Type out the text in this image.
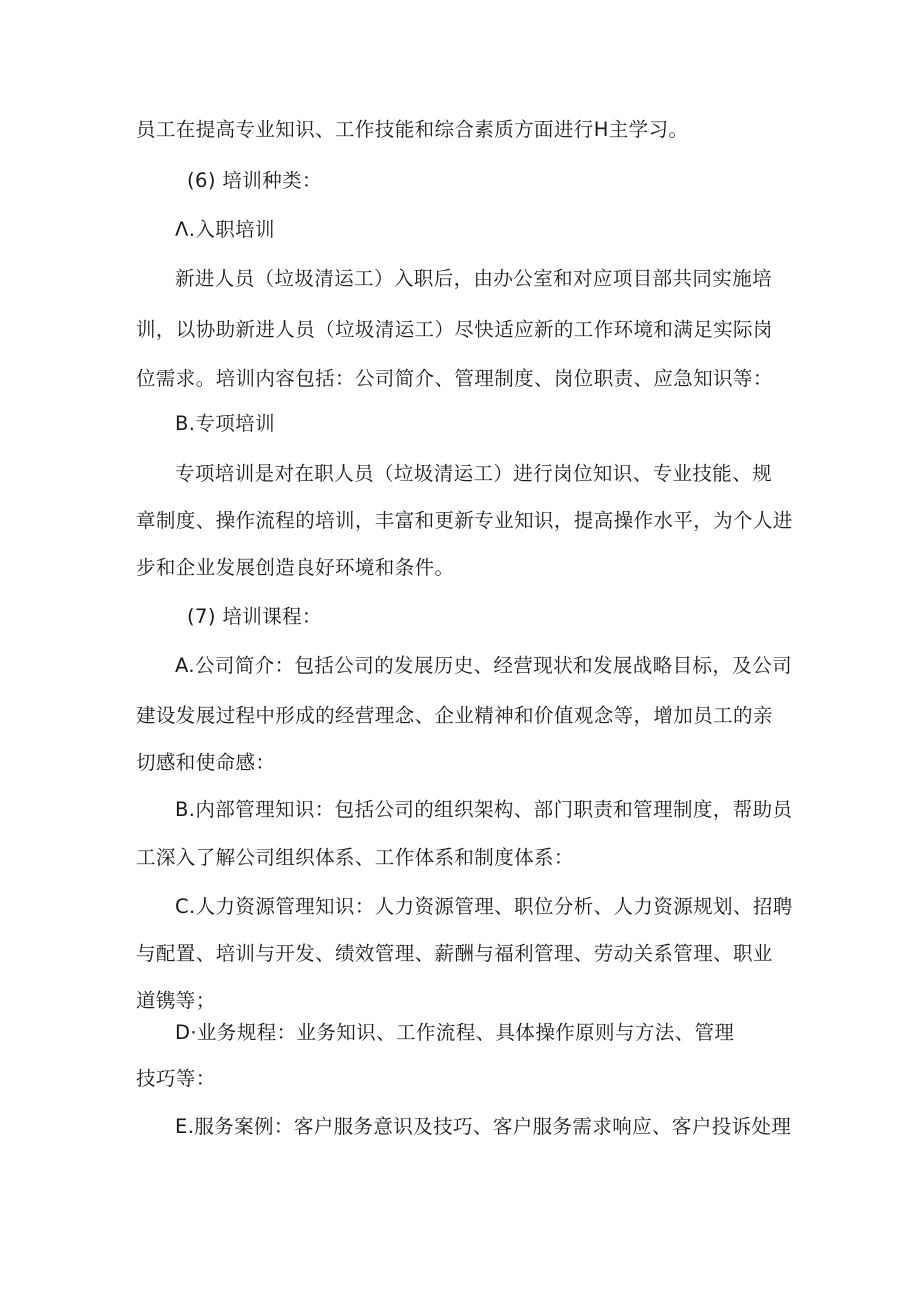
员工在提高专业知识、工作技能和综合素质方面进行H主学习。
(6) 培训种类：
Λ.入职培训
新进人员（垃圾清运工）入职后，由办公室和对应项目部共同实施培
训，以协助新进人员（垃圾清运工）尽快适应新的工作环境和满足实际岗
位需求。培训内容包括：公司简介、管理制度、岗位职责、应急知识等：
B.专项培训
专项培训是对在职人员（垃圾清运工）进行岗位知识、专业技能、规
章制度、操作流程的培训，丰富和更新专业知识，提高操作水平，为个人进
步和企业发展创造良好环境和条件。
(7) 培训课程：
A.公司简介：包括公司的发展历史、经营现状和发展战略目标，及公司
建设发展过程中形成的经营理念、企业精神和价值观念等，增加员工的亲
切感和使命感：
B.内部管理知识：包括公司的组织架构、部门职责和管理制度，帮助员
工深入了解公司组织体系、工作体系和制度体系：
C.人力资源管理知识：人力资源管理、职位分析、人力资源规划、招聘
与配置、培训与开发、绩效管理、薪酬与福利管理、劳动关系管理、职业
道镌等；
D·业务规程：业务知识、工作流程、具体操作原则与方法、管理
技巧等：
E.服务案例：客户服务意识及技巧、客户服务需求响应、客户投诉处理
